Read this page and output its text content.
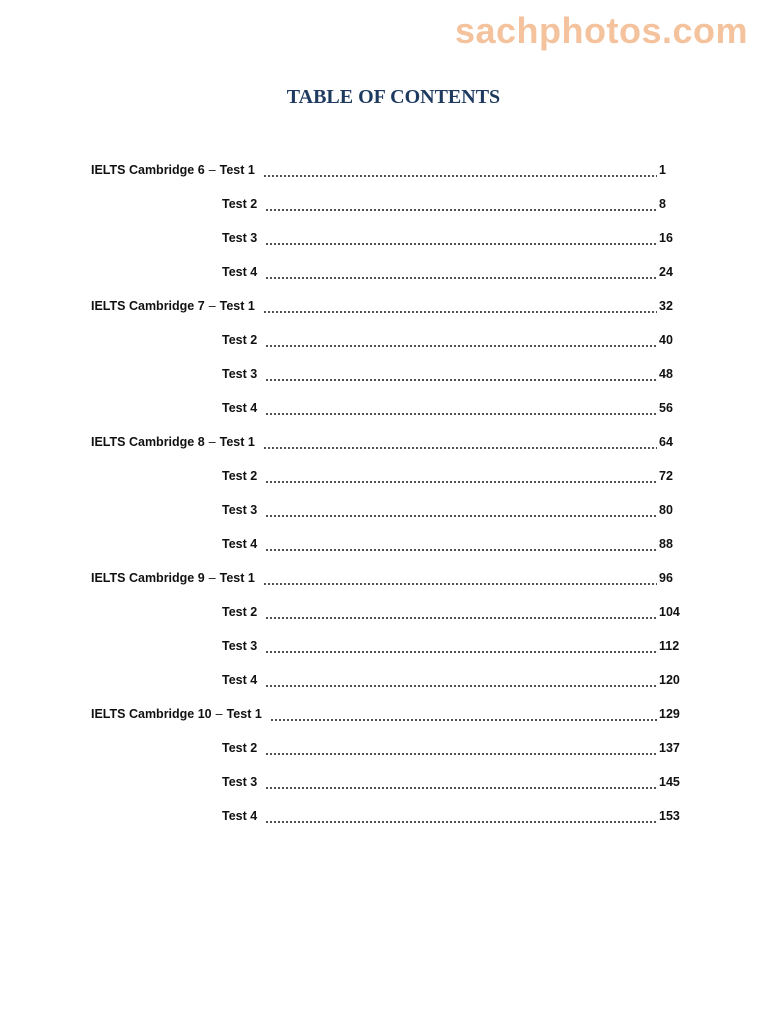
sachphotos.com
TABLE OF CONTENTS
IELTS Cambridge 6 – Test 1	1
Test 2	8
Test 3	16
Test 4	24
IELTS Cambridge 7 – Test 1	32
Test 2	40
Test 3	48
Test 4	56
IELTS Cambridge 8 – Test 1	64
Test 2	72
Test 3	80
Test 4	88
IELTS Cambridge 9 – Test 1	96
Test 2	104
Test 3	112
Test 4	120
IELTS Cambridge 10 – Test 1	129
Test 2	137
Test 3	145
Test 4	153
